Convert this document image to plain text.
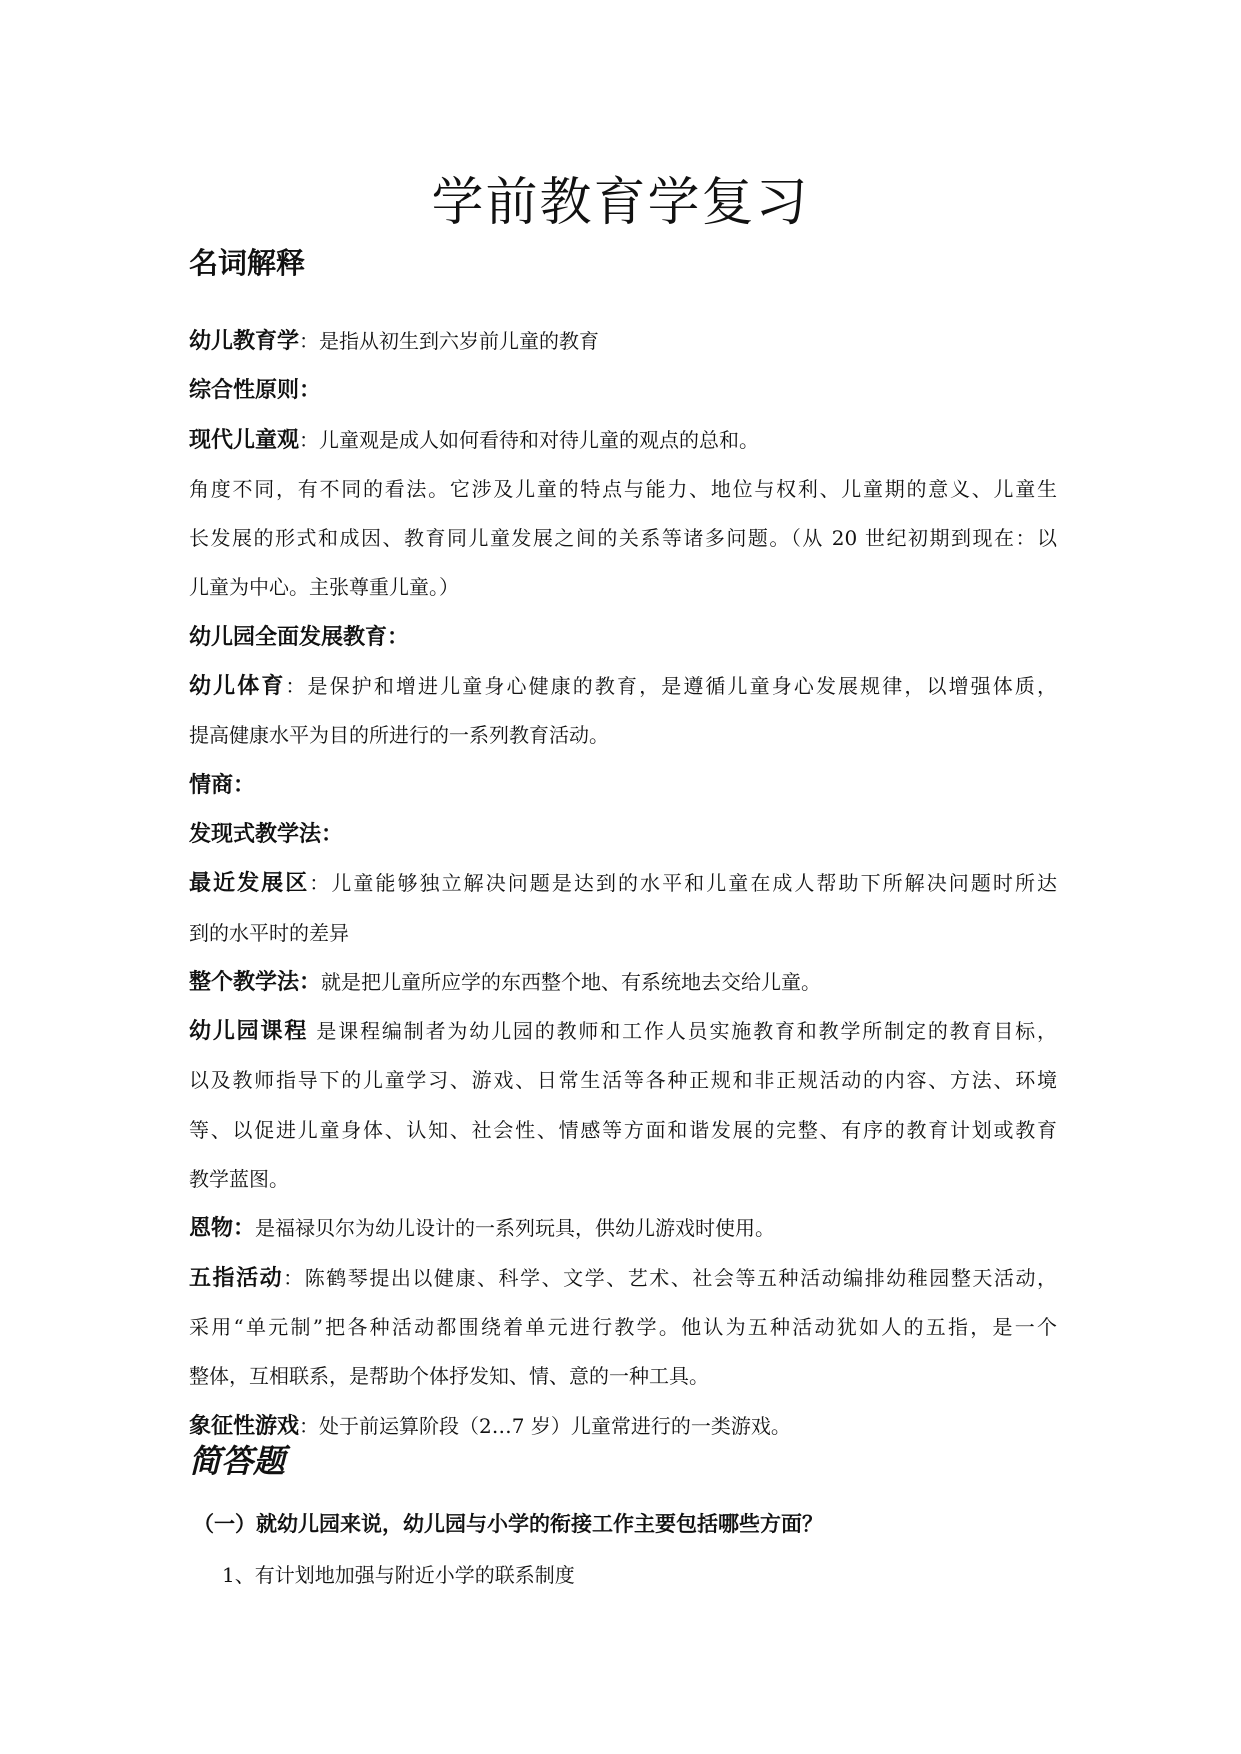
学前教育学复习
名词解释
幼儿教育学：是指从初生到六岁前儿童的教育
综合性原则：
现代儿童观：儿童观是成人如何看待和对待儿童的观点的总和。
角度不同，有不同的看法。它涉及儿童的特点与能力、地位与权利、儿童期的意义、儿童生
长发展的形式和成因、教育同儿童发展之间的关系等诸多问题。（从 20 世纪初期到现在：以
儿童为中心。主张尊重儿童。）
幼儿园全面发展教育：
幼儿体育：是保护和增进儿童身心健康的教育，是遵循儿童身心发展规律，以增强体质，
提高健康水平为目的所进行的一系列教育活动。
情商：
发现式教学法：
最近发展区：儿童能够独立解决问题是达到的水平和儿童在成人帮助下所解决问题时所达
到的水平时的差异
整个教学法：就是把儿童所应学的东西整个地、有系统地去交给儿童。
幼儿园课程 是课程编制者为幼儿园的教师和工作人员实施教育和教学所制定的教育目标，
以及教师指导下的儿童学习、游戏、日常生活等各种正规和非正规活动的内容、方法、环境
等、以促进儿童身体、认知、社会性、情感等方面和谐发展的完整、有序的教育计划或教育
教学蓝图。
恩物：是福禄贝尔为幼儿设计的一系列玩具，供幼儿游戏时使用。
五指活动：陈鹤琴提出以健康、科学、文学、艺术、社会等五种活动编排幼稚园整天活动，
采用“单元制”把各种活动都围绕着单元进行教学。他认为五种活动犹如人的五指，是一个
整体，互相联系，是帮助个体抒发知、情、意的一种工具。
象征性游戏：处于前运算阶段（2…7 岁）儿童常进行的一类游戏。
简答题
（一）就幼儿园来说，幼儿园与小学的衔接工作主要包括哪些方面？
1、有计划地加强与附近小学的联系制度
